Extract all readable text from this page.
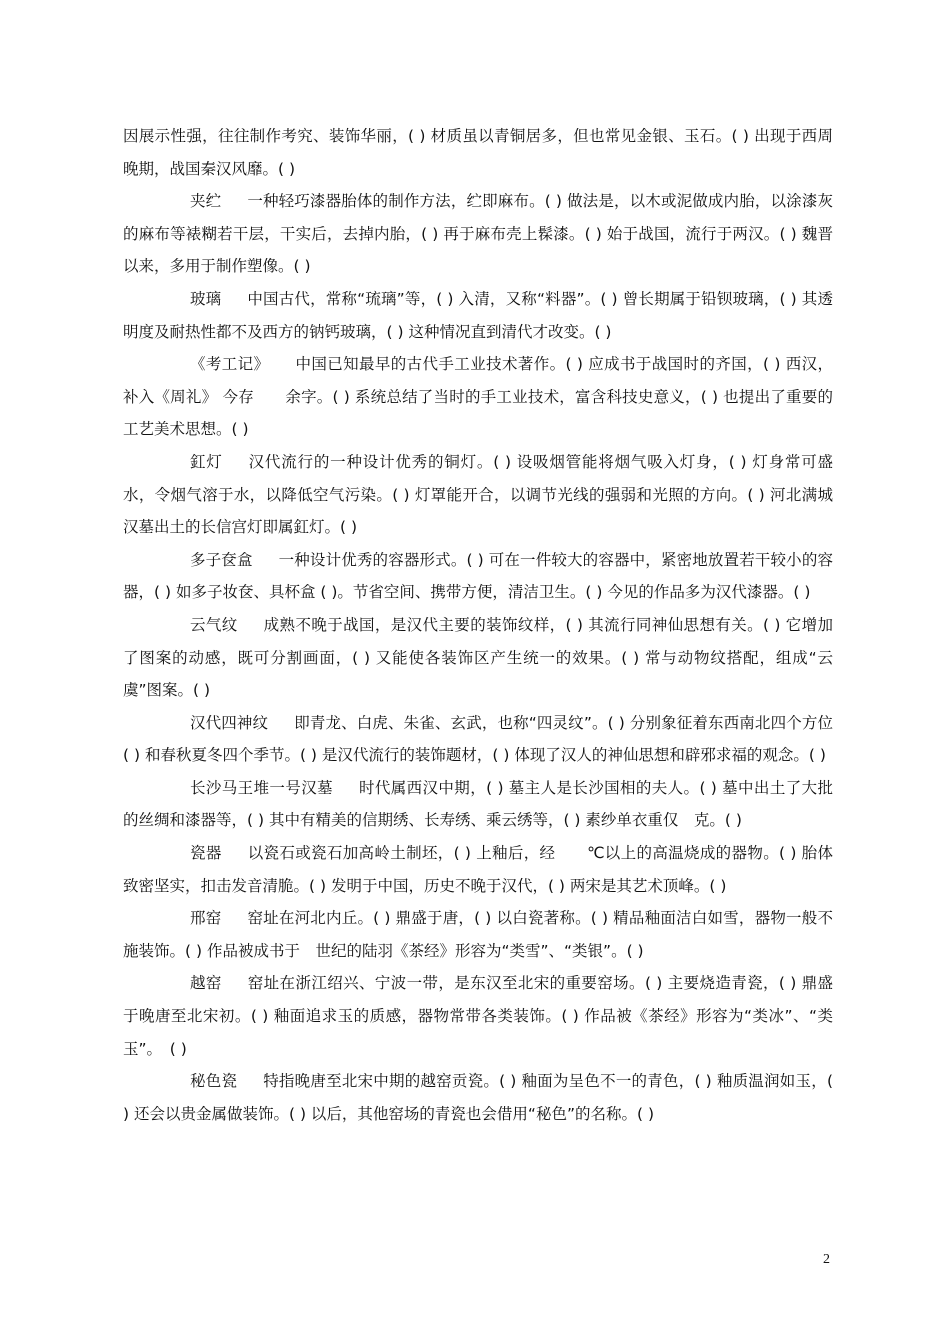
因展示性强，往往制作考究、装饰华丽，( ) 材质虽以青铜居多，但也常见金银、玉石。( ) 出现于西周晚期，战国秦汉风靡。( )

夹纻 一种轻巧漆器胎体的制作方法，纻即麻布。( ) 做法是，以木或泥做成内胎，以涂漆灰的麻布等裱糊若干层，干实后，去掉内胎，( ) 再于麻布壳上髹漆。( ) 始于战国，流行于两汉。( ) 魏晋以来，多用于制作塑像。( )

玻璃 中国古代，常称“琉璃”等，( ) 入清，又称“料器”。( ) 曾长期属于铅钡玻璃，( ) 其透明度及耐热性都不及西方的钠钙玻璃，( ) 这种情况直到清代才改变。( )

《考工记》 中国已知最早的古代手工业技术著作。( ) 应成书于战国时的齐国，( ) 西汉，补入《周礼》 今存　　余字。( ) 系统总结了当时的手工业技术，富含科技史意义，( ) 也提出了重要的工艺美术思想。( )

釭灯 汉代流行的一种设计优秀的铜灯。( ) 设吸烟管能将烟气吸入灯身，( ) 灯身常可盛水，令烟气溶于水，以降低空气污染。( ) 灯罩能开合，以调节光线的强弱和光照的方向。( ) 河北满城汉墓出土的长信宫灯即属釭灯。( )

多子奁盒 一种设计优秀的容器形式。( ) 可在一件较大的容器中，紧密地放置若干较小的容器，( ) 如多子妆奁、具杯盒 ( )。节省空间、携带方便，清洁卫生。( ) 今见的作品多为汉代漆器。( )

云气纹 成熟不晚于战国，是汉代主要的装饰纹样，( ) 其流行同神仙思想有关。( ) 它增加了图案的动感，既可分割画面，( ) 又能使各装饰区产生统一的效果。( ) 常与动物纹搭配，组成“云虞”图案。( )

汉代四神纹 即青龙、白虎、朱雀、玄武，也称“四灵纹”。( ) 分别象征着东西南北四个方位 ( ) 和春秋夏冬四个季节。( ) 是汉代流行的装饰题材，( ) 体现了汉人的神仙思想和辟邪求福的观念。( )

长沙马王堆一号汉墓 时代属西汉中期，( ) 墓主人是长沙国相的夫人。( ) 墓中出土了大批的丝绸和漆器等，( ) 其中有精美的信期绣、长寿绣、乘云绣等，( ) 素纱单衣重仅　克。( )

瓷器 以瓷石或瓷石加高岭土制坯，( ) 上釉后，经　　℃以上的高温烧成的器物。( ) 胎体致密坚实，扣击发音清脆。( ) 发明于中国，历史不晚于汉代，( ) 两宋是其艺术顶峰。( )

邢窑 窑址在河北内丘。( ) 鼎盛于唐，( ) 以白瓷著称。( ) 精品釉面洁白如雪，器物一般不施装饰。( ) 作品被成书于　世纪的陆羽《茶经》形容为“类雪”、“类银”。( )

越窑 窑址在浙江绍兴、宁波一带，是东汉至北宋的重要窑场。( ) 主要烧造青瓷，( ) 鼎盛于晚唐至北宋初。( ) 釉面追求玉的质感，器物常带各类装饰。( ) 作品被《茶经》形容为“类冰”、“类玉”。　( )

秘色瓷 特指晚唐至北宋中期的越窑贡瓷。( ) 釉面为呈色不一的青色，( ) 釉质温润如玉，( ) 还会以贵金属做装饰。( ) 以后，其他窑场的青瓷也会借用“秘色”的名称。( )

2
